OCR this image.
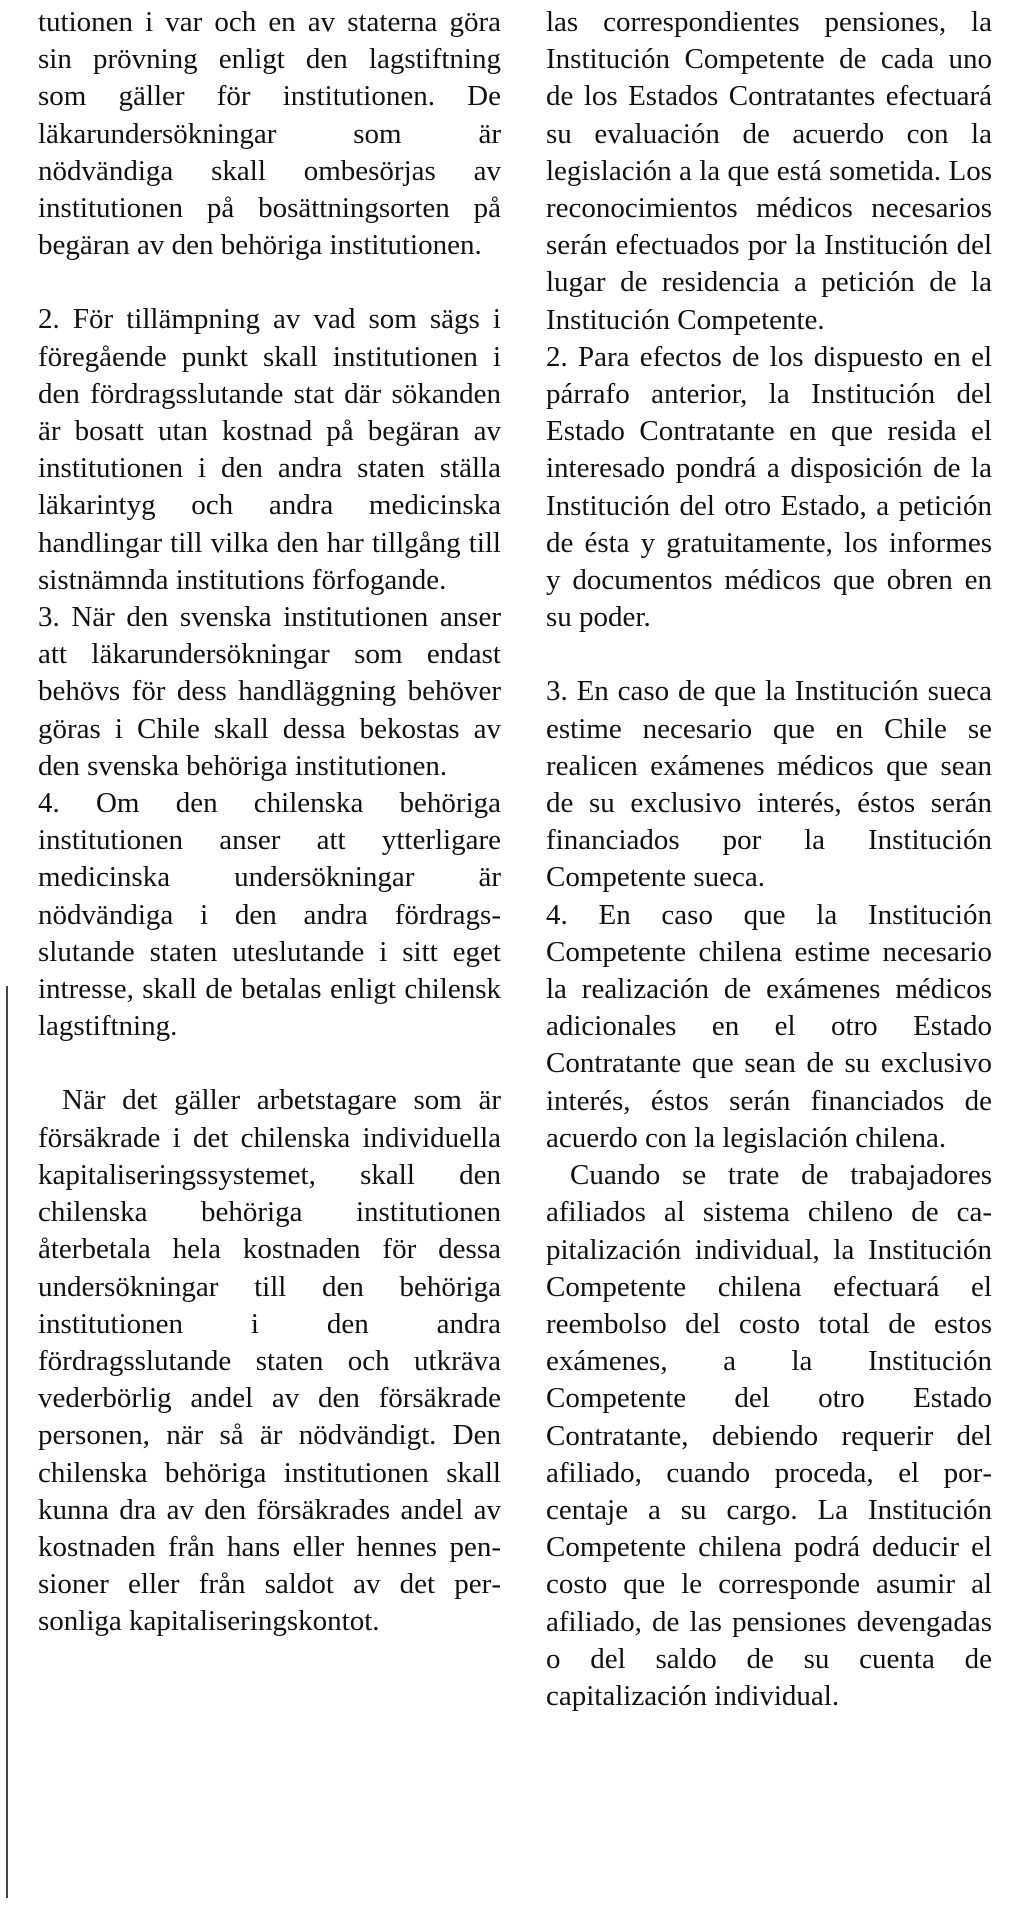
tutionen i var och en av staterna göra sin prövning enligt den lagstiftning som gäller för institutionen. De läkarundersökningar som är nödvändiga skall ombesörjas av institutionen på bosättningsorten på begäran av den behöriga institutionen.

2. För tillämpning av vad som sägs i föregående punkt skall institutionen i den fördragsslutande stat där sökanden är bosatt utan kostnad på begäran av institutionen i den andra staten ställa läkarintyg och andra medicinska handlingar till vilka den har tillgång till sistnämnda institutions förfogande.

3. När den svenska institutionen anser att läkarundersökningar som endast behövs för dess handläggning behöver göras i Chile skall dessa bekostas av den svenska behöriga institutionen.

4. Om den chilenska behöriga institutionen anser att ytterligare medicinska undersökningar är nödvändiga i den andra fördragsslutande staten uteslutande i sitt eget intresse, skall de betalas enligt chilensk lagstiftning.

När det gäller arbetstagare som är försäkrade i det chilenska individuella kapitaliseringssystemet, skall den chilenska behöriga institutionen återbetala hela kostnaden för dessa undersökningar till den behöriga institutionen i den andra fördragsslutande staten och utkräva vederbörlig andel av den försäkrade personen, när så är nödvändigt. Den chilenska behöriga institutionen skall kunna dra av den försäkrades andel av kostnaden från hans eller hennes pensioner eller från saldot av det personliga kapitaliseringskontot.

las correspondientes pensiones, la Institución Competente de cada uno de los Estados Contratantes efectuará su evaluación de acuerdo con la legislación a la que está sometida. Los reconocimientos médicos necesarios serán efectuados por la Institución del lugar de residencia a petición de la Institución Competente.

2. Para efectos de los dispuesto en el párrafo anterior, la Institución del Estado Contratante en que resida el interesado pondrá a disposición de la Institución del otro Estado, a petición de ésta y gratuitamente, los informes y documentos médicos que obren en su poder.

3. En caso de que la Institución sueca estime necesario que en Chile se realicen exámenes médicos que sean de su exclusivo interés, éstos serán financiados por la Institución Competente sueca.

4. En caso que la Institución Competente chilena estime necesario la realización de exámenes médicos adicionales en el otro Estado Contratante que sean de su exclusivo interés, éstos serán financiados de acuerdo con la legislación chilena.

Cuando se trate de trabajadores afiliados al sistema chileno de capitalización individual, la Institución Competente chilena efectuará el reembolso del costo total de estos exámenes, a la Institución Competente del otro Estado Contratante, debiendo requerir del afiliado, cuando proceda, el porcentaje a su cargo. La Institución Competente chilena podrá deducir el costo que le corresponde asumir al afiliado, de las pensiones devengadas o del saldo de su cuenta de capitalización individual.
